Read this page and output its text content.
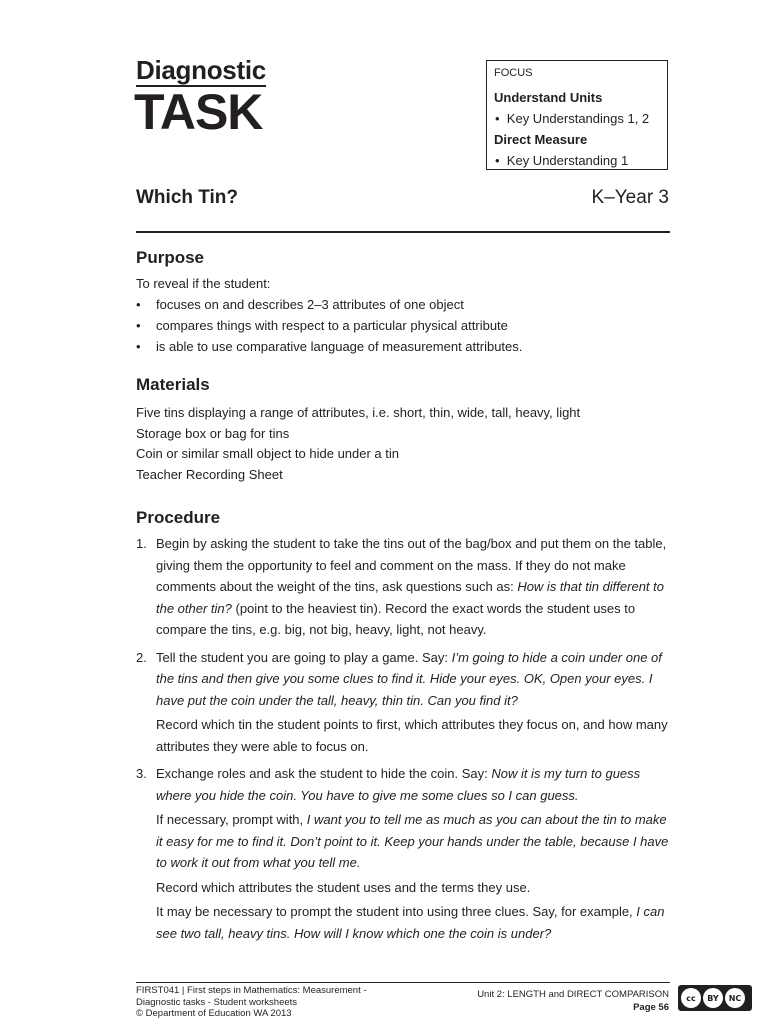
Diagnostic
TASK
FOCUS
Understand Units
• Key Understandings 1, 2
Direct Measure
• Key Understanding 1
Which Tin?	K–Year 3
Purpose
To reveal if the student:
• focuses on and describes 2–3 attributes of one object
• compares things with respect to a particular physical attribute
• is able to use comparative language of measurement attributes.
Materials
Five tins displaying a range of attributes, i.e. short, thin, wide, tall, heavy, light
Storage box or bag for tins
Coin or similar small object to hide under a tin
Teacher Recording Sheet
Procedure
1. Begin by asking the student to take the tins out of the bag/box and put them on the table, giving them the opportunity to feel and comment on the mass. If they do not make comments about the weight of the tins, ask questions such as: How is that tin different to the other tin? (point to the heaviest tin). Record the exact words the student uses to compare the tins, e.g. big, not big, heavy, light, not heavy.

2. Tell the student you are going to play a game. Say: I’m going to hide a coin under one of the tins and then give you some clues to find it. Hide your eyes. OK, Open your eyes. I have put the coin under the tall, heavy, thin tin. Can you find it?

Record which tin the student points to first, which attributes they focus on, and how many attributes they were able to focus on.

3. Exchange roles and ask the student to hide the coin. Say: Now it is my turn to guess where you hide the coin. You have to give me some clues so I can guess.

If necessary, prompt with, I want you to tell me as much as you can about the tin to make it easy for me to find it. Don’t point to it. Keep your hands under the table, because I have to work it out from what you tell me.

Record which attributes the student uses and the terms they use.

It may be necessary to prompt the student into using three clues. Say, for example, I can see two tall, heavy tins. How will I know which one the coin is under?

FIRST041 | First steps in Mathematics: Measurement -
Diagnostic tasks - Student worksheets
© Department of Education WA 2013
Unit 2: LENGTH and DIRECT COMPARISON
Page 56
cc	BY	NC
